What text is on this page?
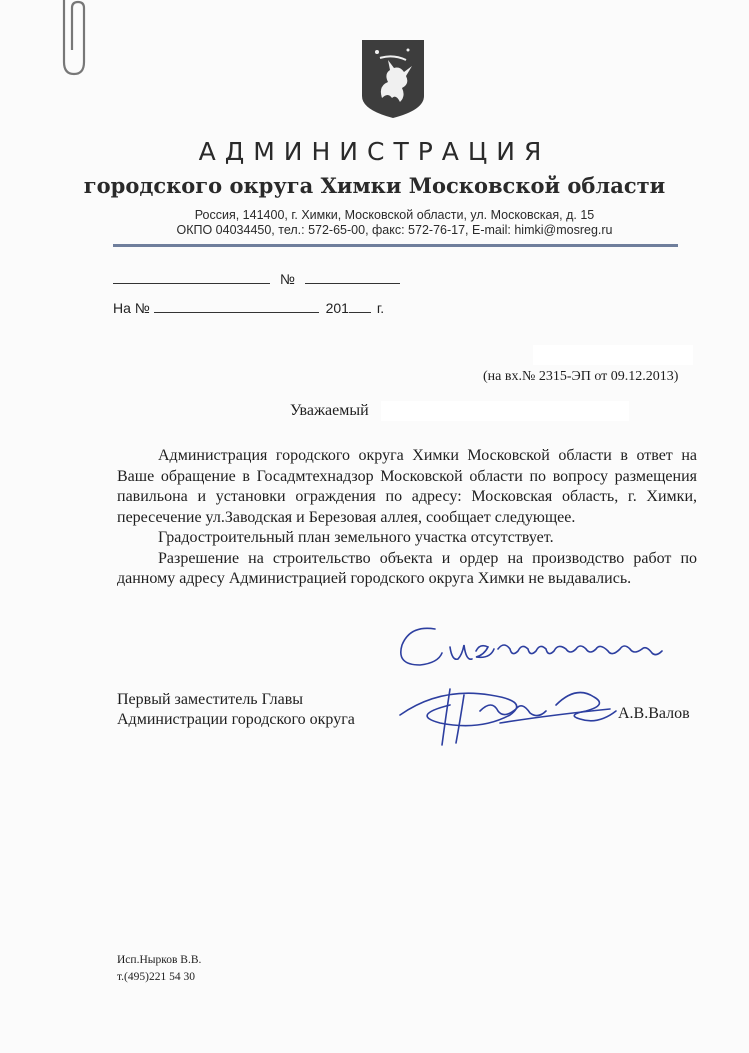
АДМИНИСТРАЦИЯ
городского округа Химки Московской области
Россия, 141400, г. Химки, Московской области, ул. Московская, д. 15
ОКПО 04034450, тел.: 572-65-00, факс: 572-76-17, E-mail: himki@mosreg.ru
№
На №	201 г.
(на вх.№ 2315-ЭП от 09.12.2013)
Уважаемый

Администрация городского округа Химки Московской области в ответ на Ваше обращение в Госадмтехнадзор Московской области по вопросу размещения павильона и установки ограждения по адресу: Московская область, г. Химки, пересечение ул.Заводская и Березовая аллея, сообщает следующее.

Градостроительный план земельного участка отсутствует.

Разрешение на строительство объекта и ордер на производство работ по данному адресу Администрацией городского округа Химки не выдавались.

Первый заместитель Главы
Администрации городского округа	А.В.Валов
Исп.Нырков В.В.
т.(495)221 54 30
